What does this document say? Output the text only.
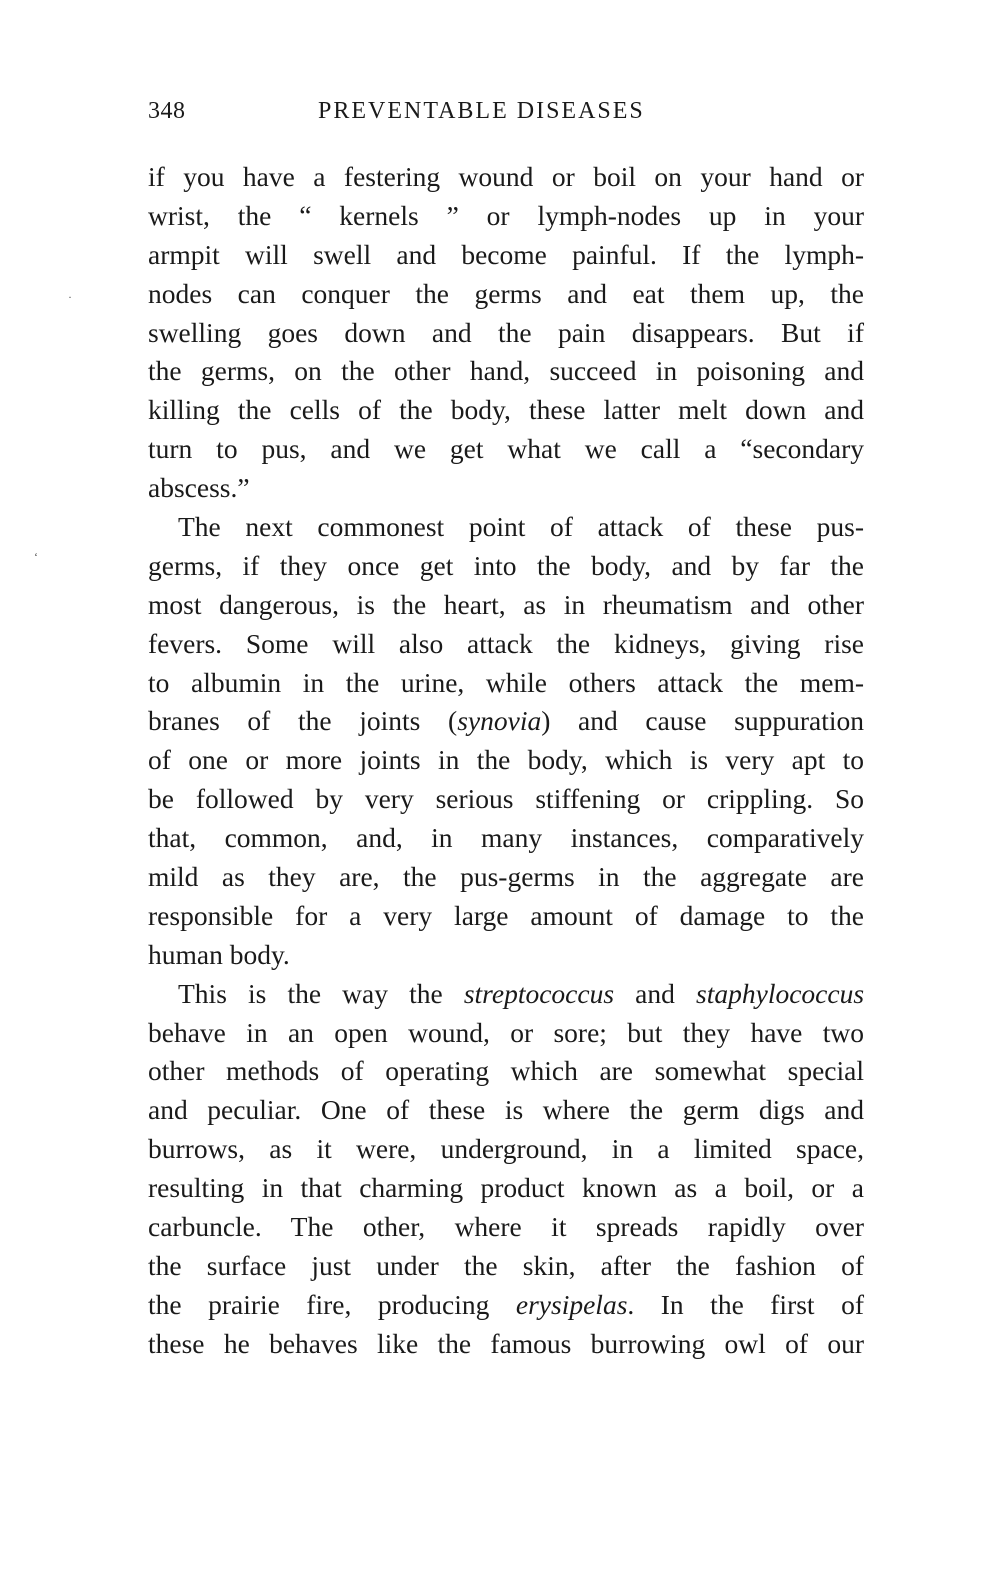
348	PREVENTABLE DISEASES
·
‘
if you have a festering wound or boil on your hand or
wrist, the “ kernels ” or lymph-nodes up in your
armpit will swell and become painful. If the lymph-
nodes can conquer the germs and eat them up, the
swelling goes down and the pain disappears. But if
the germs, on the other hand, succeed in poisoning and
killing the cells of the body, these latter melt down and
turn to pus, and we get what we call a “secondary
abscess.”
The next commonest point of attack of these pus-
germs, if they once get into the body, and by far the
most dangerous, is the heart, as in rheumatism and other
fevers. Some will also attack the kidneys, giving rise
to albumin in the urine, while others attack the mem-
branes of the joints (synovia) and cause suppuration
of one or more joints in the body, which is very apt to
be followed by very serious stiffening or crippling. So
that, common, and, in many instances, comparatively
mild as they are, the pus-germs in the aggregate are
responsible for a very large amount of damage to the
human body.
This is the way the streptococcus and staphylococcus
behave in an open wound, or sore; but they have two
other methods of operating which are somewhat special
and peculiar. One of these is where the germ digs and
burrows, as it were, underground, in a limited space,
resulting in that charming product known as a boil, or a
carbuncle. The other, where it spreads rapidly over
the surface just under the skin, after the fashion of
the prairie fire, producing erysipelas. In the first of
these he behaves like the famous burrowing owl of our
